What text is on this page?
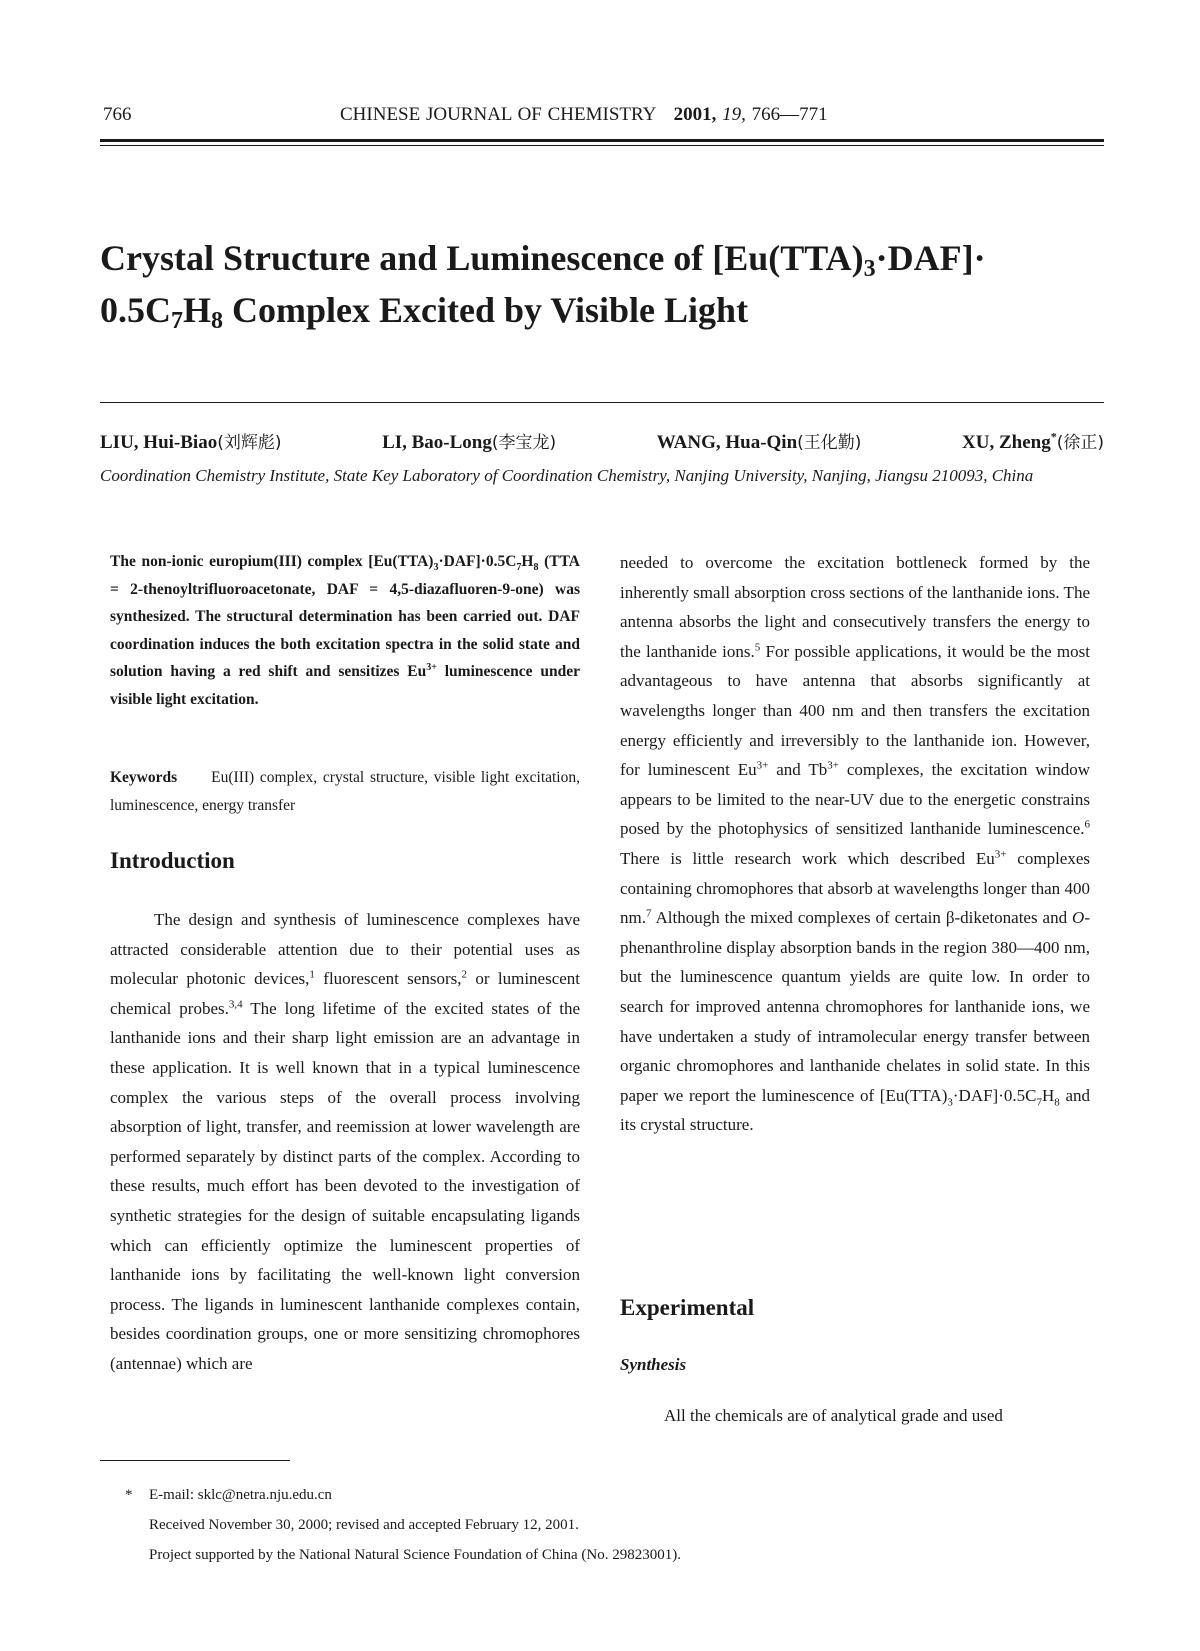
766	CHINESE JOURNAL OF CHEMISTRY 2001, 19, 766—771
Crystal Structure and Luminescence of $[Eu(TTA)_3\cdot DAF]\cdot$
$0.5C_7H_8$ Complex Excited by Visible Light
LIU, Hui-Biao(刘辉彪)	LI, Bao-Long(李宝龙)	WANG, Hua-Qin(王化勤)	XU, Zheng*(徐正)

Coordination Chemistry Institute, State Key Laboratory of Coordination Chemistry, Nanjing University, Nanjing, Jiangsu 210093, China

The non-ionic europium(III) complex $[Eu(TTA)_3\cdot DAF]\cdot 0.5C_7H_8$ (TTA = 2-thenoyltrifluoroacetonate, DAF = 4,5-diazafluoren-9-one) was synthesized. The structural determination has been carried out. DAF coordination induces the both excitation spectra in the solid state and solution having a red shift and sensitizes $Eu^{3+}$ luminescence under visible light excitation.

Keywords Eu(III) complex, crystal structure, visible light excitation, luminescence, energy transfer

Introduction

The design and synthesis of luminescence complexes have attracted considerable attention due to their potential uses as molecular photonic devices,$^1$ fluorescent sensors,$^2$ or luminescent chemical probes.$^{3,4}$ The long lifetime of the excited states of the lanthanide ions and their sharp light emission are an advantage in these application. It is well known that in a typical luminescence complex the various steps of the overall process involving absorption of light, transfer, and reemission at lower wavelength are performed separately by distinct parts of the complex. According to these results, much effort has been devoted to the investigation of synthetic strategies for the design of suitable encapsulating ligands which can efficiently optimize the luminescent properties of lanthanide ions by facilitating the well-known light conversion process. The ligands in luminescent lanthanide complexes contain, besides coordination groups, one or more sensitizing chromophores (antennae) which are

needed to overcome the excitation bottleneck formed by the inherently small absorption cross sections of the lanthanide ions. The antenna absorbs the light and consecutively transfers the energy to the lanthanide ions.$^5$ For possible applications, it would be the most advantageous to have antenna that absorbs significantly at wavelengths longer than 400 nm and then transfers the excitation energy efficiently and irreversibly to the lanthanide ion. However, for luminescent $Eu^{3+}$ and $Tb^{3+}$ complexes, the excitation window appears to be limited to the near-UV due to the energetic constrains posed by the photophysics of sensitized lanthanide luminescence.$^6$ There is little research work which described $Eu^{3+}$ complexes containing chromophores that absorb at wavelengths longer than 400 nm.$^7$ Although the mixed complexes of certain β-diketonates and O-phenanthroline display absorption bands in the region 380—400 nm, but the luminescence quantum yields are quite low. In order to search for improved antenna chromophores for lanthanide ions, we have undertaken a study of intramolecular energy transfer between organic chromophores and lanthanide chelates in solid state. In this paper we report the luminescence of $[Eu(TTA)_3\cdot DAF]\cdot 0.5C_7H_8$ and its crystal structure.

Experimental
Synthesis

All the chemicals are of analytical grade and used

* E-mail: sklc@netra.nju.edu.cn
Received November 30, 2000; revised and accepted February 12, 2001.
Project supported by the National Natural Science Foundation of China (No. 29823001).
